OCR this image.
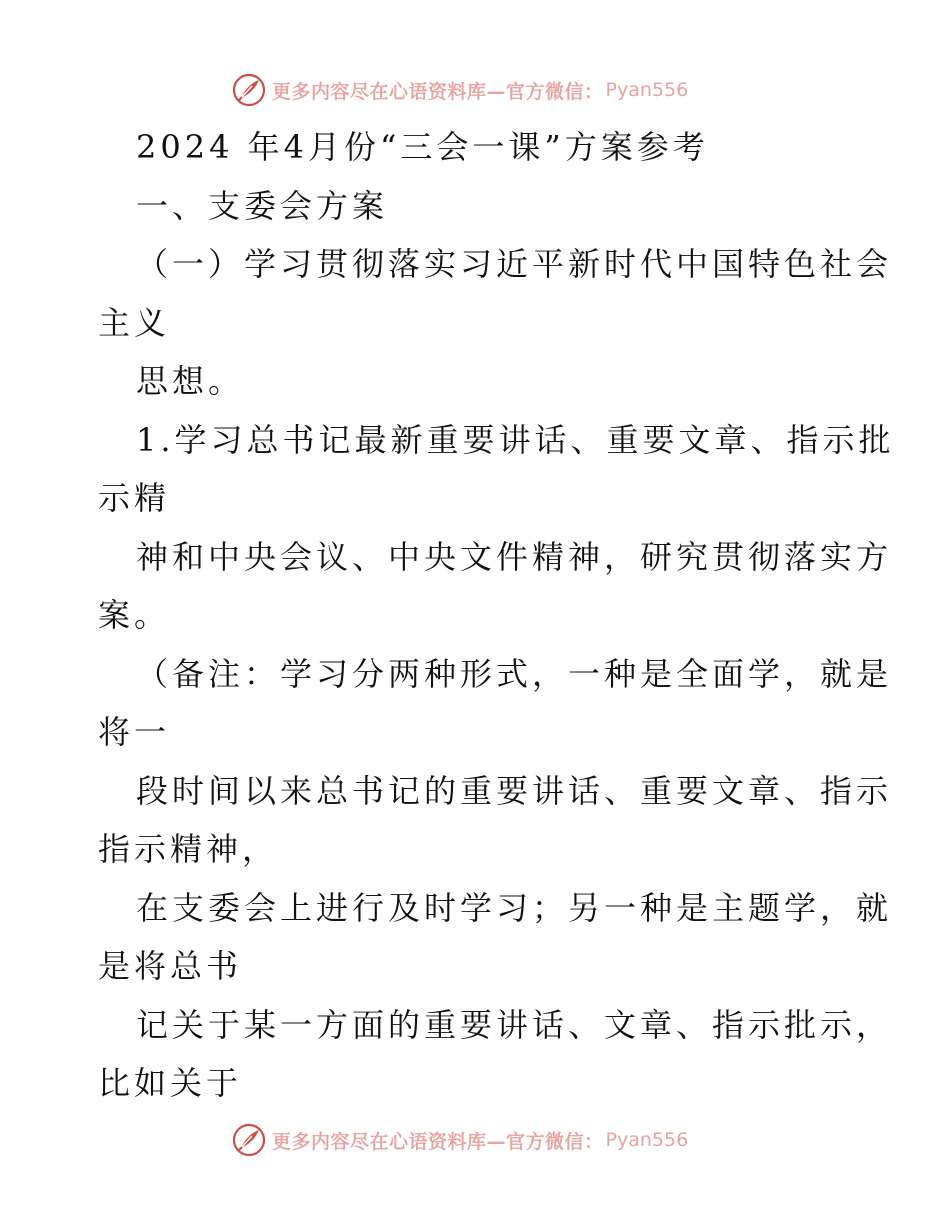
更多内容尽在心语资料库—官方微信： Pyan556
2024 年4月份“三会一课”方案参考
一、支委会方案
（一）学习贯彻落实习近平新时代中国特色社会
主义
思想。
1.学习总书记最新重要讲话、重要文章、指示批
示精
神和中央会议、中央文件精神，研究贯彻落实方
案。
（备注：学习分两种形式，一种是全面学，就是
将一
段时间以来总书记的重要讲话、重要文章、指示
指示精神，
在支委会上进行及时学习；另一种是主题学，就
是将总书
记关于某一方面的重要讲话、文章、指示批示，
比如关于
更多内容尽在心语资料库—官方微信： Pyan556
